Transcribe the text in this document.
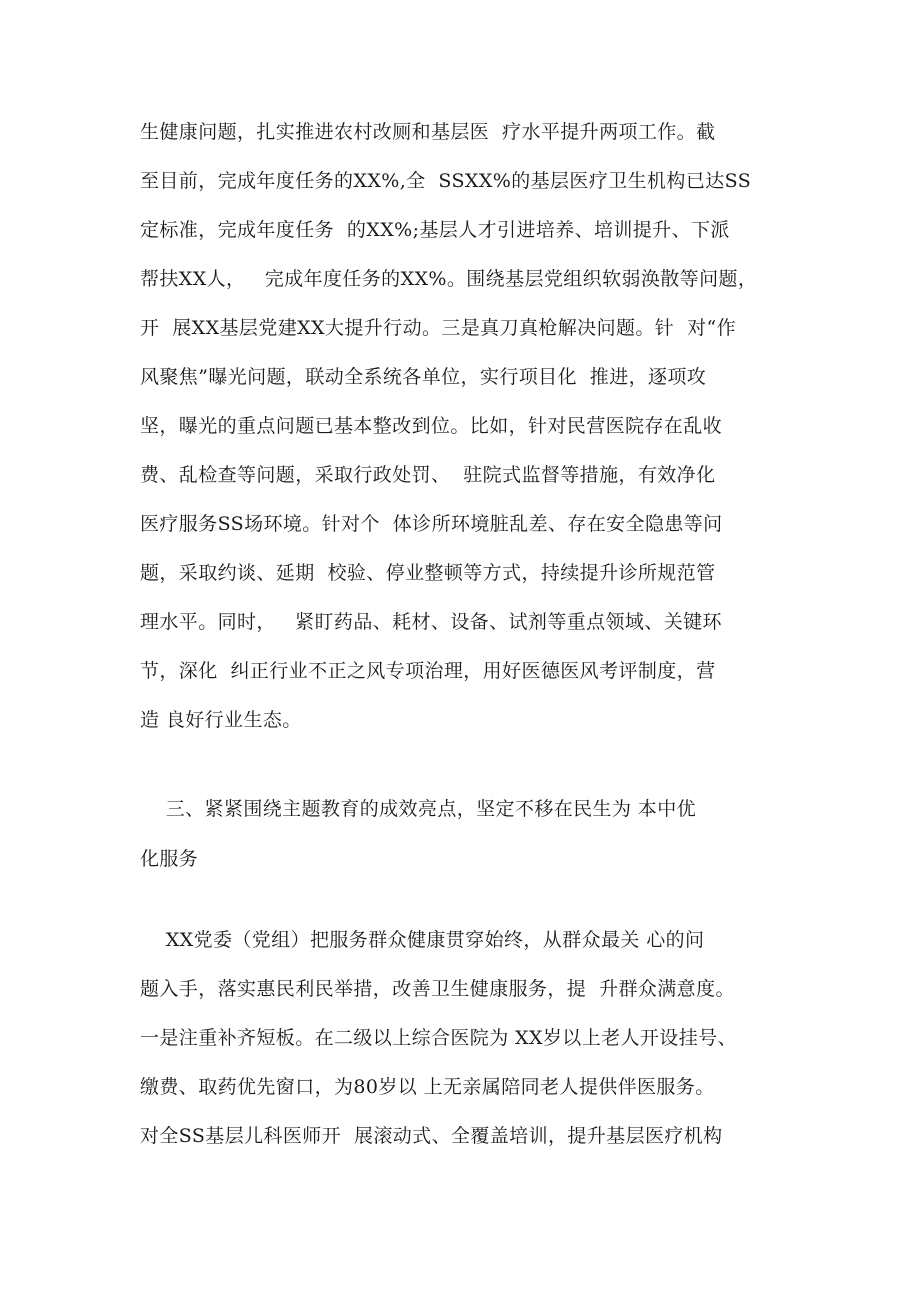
生健康问题，扎实推进农村改厕和基层医  疗水平提升两项工作。截
至目前，完成年度任务的XX%,全  SSXX%的基层医疗卫生机构已达SS
定标准，完成年度任务  的XX%;基层人才引进培养、培训提升、下派
帮扶XX人，   完成年度任务的XX%。围绕基层党组织软弱涣散等问题，
开  展XX基层党建XX大提升行动。三是真刀真枪解决问题。针  对“作
风聚焦”曝光问题，联动全系统各单位，实行项目化  推进，逐项攻
坚，曝光的重点问题已基本整改到位。比如，针对民营医院存在乱收
费、乱检查等问题，采取行政处罚、  驻院式监督等措施，有效净化
医疗服务SS场环境。针对个  体诊所环境脏乱差、存在安全隐患等问
题，采取约谈、延期  校验、停业整顿等方式，持续提升诊所规范管
理水平。同时，   紧盯药品、耗材、设备、试剂等重点领域、关键环
节，深化  纠正行业不正之风专项治理，用好医德医风考评制度，营
造 良好行业生态。
三、紧紧围绕主题教育的成效亮点，坚定不移在民生为 本中优
化服务
XX党委（党组）把服务群众健康贯穿始终，从群众最关 心的问
题入手，落实惠民利民举措，改善卫生健康服务，提  升群众满意度。
一是注重补齐短板。在二级以上综合医院为 XX岁以上老人开设挂号、
缴费、取药优先窗口，为80岁以 上无亲属陪同老人提供伴医服务。
对全SS基层儿科医师开  展滚动式、全覆盖培训，提升基层医疗机构
